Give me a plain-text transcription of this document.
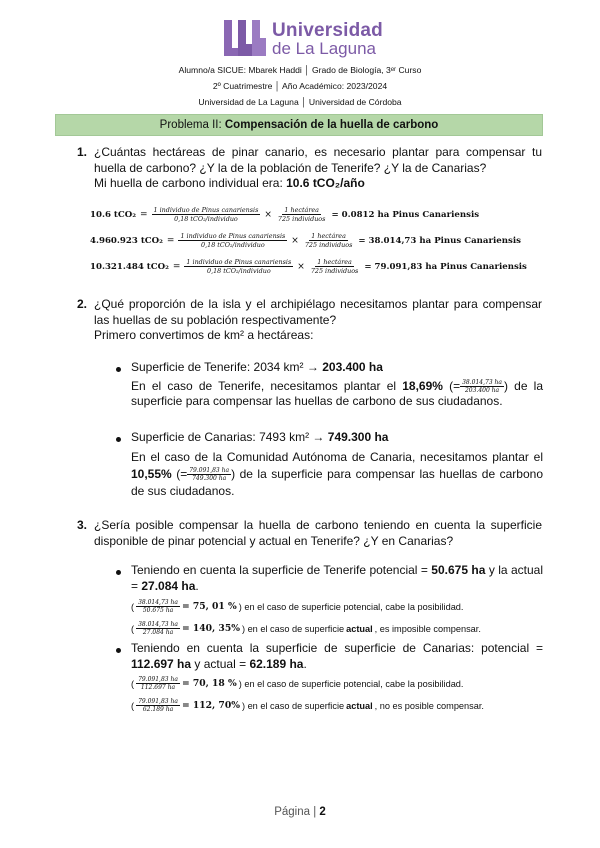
Universidad
de La Laguna
Alumno/a SICUE: Mbarek Haddi │ Grado de Biología, 3ᵉʳ Curso
2º Cuatrimestre │ Año Académico: 2023/2024
Universidad de La Laguna │ Universidad de Córdoba
Problema II: Compensación de la huella de carbono
1. ¿Cuántas hectáreas de pinar canario, es necesario plantar para compensar tu huella de carbono? ¿Y la de la población de Tenerife? ¿Y la de Canarias?
Mi huella de carbono individual era: 10.6 tCO₂/año
10.6 $tCO_2 = \frac{\text{1 individuo de Pinus canariensis}}{\text{0,18 tCO₂/individuo}} \times \frac{\text{1 hectárea}}{\text{725 individuos}} = 0.0812$ ha Pinus Canariensis
4.960.923 $tCO_2 = \frac{\text{1 individuo de Pinus canariensis}}{\text{0,18 tCO₂/individuo}} \times \frac{\text{1 hectárea}}{\text{725 individuos}} = 38.014,73$ ha Pinus Canariensis
10.321.484 $tCO_2 = \frac{\text{1 individuo de Pinus canariensis}}{\text{0,18 tCO₂/individuo}} \times \frac{\text{1 hectárea}}{\text{725 individuos}} = 79.091,83$ ha Pinus Canariensis
2. ¿Qué proporción de la isla y el archipiélago necesitamos plantar para compensar las huellas de su población respectivamente?
Primero convertimos de km² a hectáreas:
Superficie de Tenerife: 2034 km² → 203.400 ha
En el caso de Tenerife, necesitamos plantar el 18,69% (= $\frac{38.014,73 ha}{203.400 ha}$ ) de la superficie para compensar las huellas de carbono de sus ciudadanos.
Superficie de Canarias: 7493 km² → 749.300 ha
En el caso de la Comunidad Autónoma de Canaria, necesitamos plantar el 10,55% (= $\frac{79.091,83 ha}{749.300 ha}$ ) de la superficie para compensar las huellas de carbono de sus ciudadanos.
3. ¿Sería posible compensar la huella de carbono teniendo en cuenta la superficie disponible de pinar potencial y actual en Tenerife? ¿Y en Canarias?
Teniendo en cuenta la superficie de Tenerife potencial = 50.675 ha y la actual = 27.084 ha.
( $\frac{38.014,73 ha}{50.675 ha} = 75$, 01 % ) en el caso de superficie potencial, cabe la posibilidad.
( $\frac{38.014,73 ha}{27.084 ha} = 140$, 35% ) en el caso de superficie actual , es imposible compensar.
Teniendo en cuenta la superficie de superficie de Canarias: potencial = 112.697 ha y actual = 62.189 ha.
( $\frac{79.091,83 ha}{112.697 ha} = 70$, 18 % ) en el caso de superficie potencial, cabe la posibilidad.
( $\frac{79.091,83 ha}{62.189 ha} = 112$, 70% ) en el caso de superficie actual , no es posible compensar.
Página | 2
